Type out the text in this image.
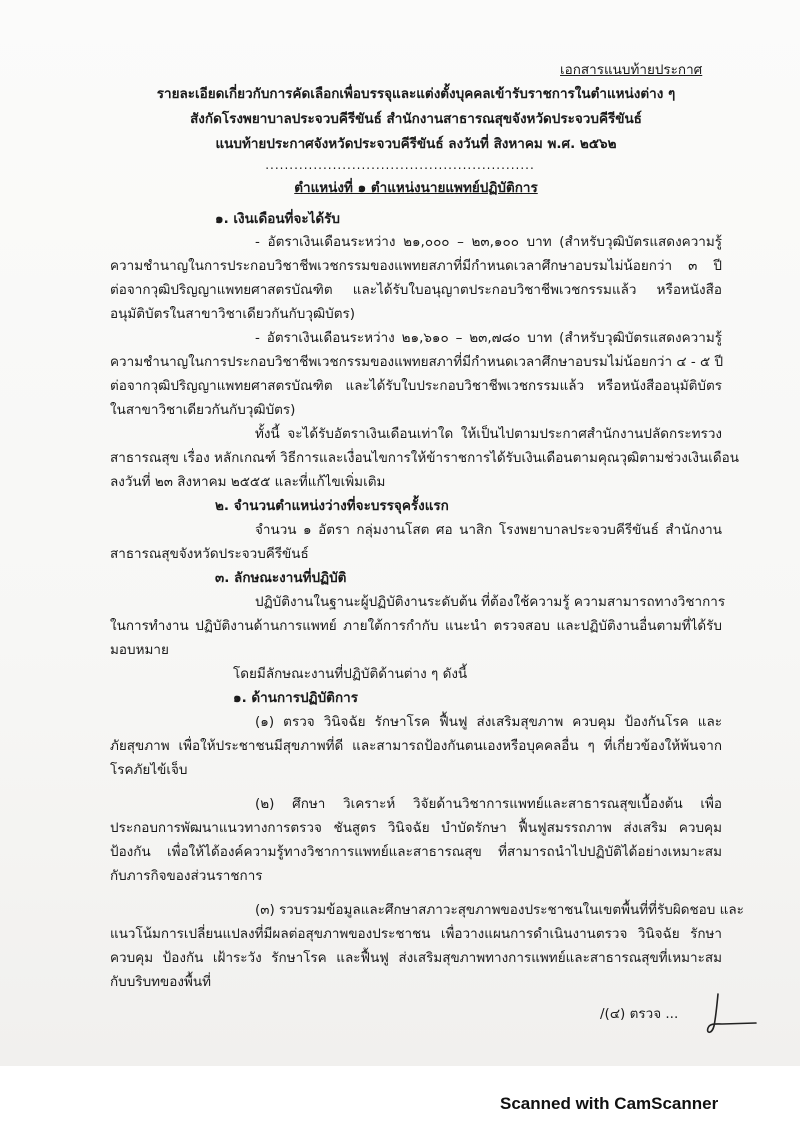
เอกสารแนบท้ายประกาศ
รายละเอียดเกี่ยวกับการคัดเลือกเพื่อบรรจุและแต่งตั้งบุคคลเข้ารับราชการในตำแหน่งต่าง ๆ
สังกัดโรงพยาบาลประจวบคีรีขันธ์ สำนักงานสาธารณสุขจังหวัดประจวบคีรีขันธ์
แนบท้ายประกาศจังหวัดประจวบคีรีขันธ์ ลงวันที่ สิงหาคม พ.ศ. ๒๕๖๒
........................................................
ตำแหน่งที่ ๑ ตำแหน่งนายแพทย์ปฏิบัติการ
๑. เงินเดือนที่จะได้รับ
- อัตราเงินเดือนระหว่าง ๒๑,๐๐๐ – ๒๓,๑๐๐ บาท (สำหรับวุฒิบัตรแสดงความรู้
ความชำนาญในการประกอบวิชาชีพเวชกรรมของแพทยสภาที่มีกำหนดเวลาศึกษาอบรมไม่น้อยกว่า ๓ ปี
ต่อจากวุฒิปริญญาแพทยศาสตรบัณฑิต และได้รับใบอนุญาตประกอบวิชาชีพเวชกรรมแล้ว หรือหนังสือ
อนุมัติบัตรในสาขาวิชาเดียวกันกับวุฒิบัตร)
- อัตราเงินเดือนระหว่าง ๒๑,๖๑๐ – ๒๓,๗๘๐ บาท (สำหรับวุฒิบัตรแสดงความรู้
ความชำนาญในการประกอบวิชาชีพเวชกรรมของแพทยสภาที่มีกำหนดเวลาศึกษาอบรมไม่น้อยกว่า ๔ - ๕ ปี
ต่อจากวุฒิปริญญาแพทยศาสตรบัณฑิต และได้รับใบประกอบวิชาชีพเวชกรรมแล้ว หรือหนังสืออนุมัติบัตร
ในสาขาวิชาเดียวกันกับวุฒิบัตร)
ทั้งนี้ จะได้รับอัตราเงินเดือนเท่าใด ให้เป็นไปตามประกาศสำนักงานปลัดกระทรวง
สาธารณสุข เรื่อง หลักเกณฑ์ วิธีการและเงื่อนไขการให้ข้าราชการได้รับเงินเดือนตามคุณวุฒิตามช่วงเงินเดือน
ลงวันที่ ๒๓ สิงหาคม ๒๕๕๕ และที่แก้ไขเพิ่มเติม
๒. จำนวนตำแหน่งว่างที่จะบรรจุครั้งแรก
จำนวน ๑ อัตรา กลุ่มงานโสต ศอ นาสิก โรงพยาบาลประจวบคีรีขันธ์ สำนักงาน
สาธารณสุขจังหวัดประจวบคีรีขันธ์
๓. ลักษณะงานที่ปฏิบัติ
ปฏิบัติงานในฐานะผู้ปฏิบัติงานระดับต้น ที่ต้องใช้ความรู้ ความสามารถทางวิชาการ
ในการทำงาน ปฏิบัติงานด้านการแพทย์ ภายใต้การกำกับ แนะนำ ตรวจสอบ และปฏิบัติงานอื่นตามที่ได้รับ
มอบหมาย
โดยมีลักษณะงานที่ปฏิบัติด้านต่าง ๆ ดังนี้
๑. ด้านการปฏิบัติการ
(๑) ตรวจ วินิจฉัย รักษาโรค ฟื้นฟู ส่งเสริมสุขภาพ ควบคุม ป้องกันโรค และ
ภัยสุขภาพ เพื่อให้ประชาชนมีสุขภาพที่ดี และสามารถป้องกันตนเองหรือบุคคลอื่น ๆ ที่เกี่ยวข้องให้พ้นจาก
โรคภัยไข้เจ็บ
(๒) ศึกษา วิเคราะห์ วิจัยด้านวิชาการแพทย์และสาธารณสุขเบื้องต้น เพื่อ
ประกอบการพัฒนาแนวทางการตรวจ ชันสูตร วินิจฉัย บำบัดรักษา ฟื้นฟูสมรรถภาพ ส่งเสริม ควบคุม
ป้องกัน เพื่อให้ได้องค์ความรู้ทางวิชาการแพทย์และสาธารณสุข ที่สามารถนำไปปฏิบัติได้อย่างเหมาะสม
กับภารกิจของส่วนราชการ
(๓) รวบรวมข้อมูลและศึกษาสภาวะสุขภาพของประชาชนในเขตพื้นที่ที่รับผิดชอบ และ
แนวโน้มการเปลี่ยนแปลงที่มีผลต่อสุขภาพของประชาชน เพื่อวางแผนการดำเนินงานตรวจ วินิจฉัย รักษา
ควบคุม ป้องกัน เฝ้าระวัง รักษาโรค และฟื้นฟู ส่งเสริมสุขภาพทางการแพทย์และสาธารณสุขที่เหมาะสม
กับบริบทของพื้นที่
/(๔) ตรวจ ...
Scanned with CamScanner
